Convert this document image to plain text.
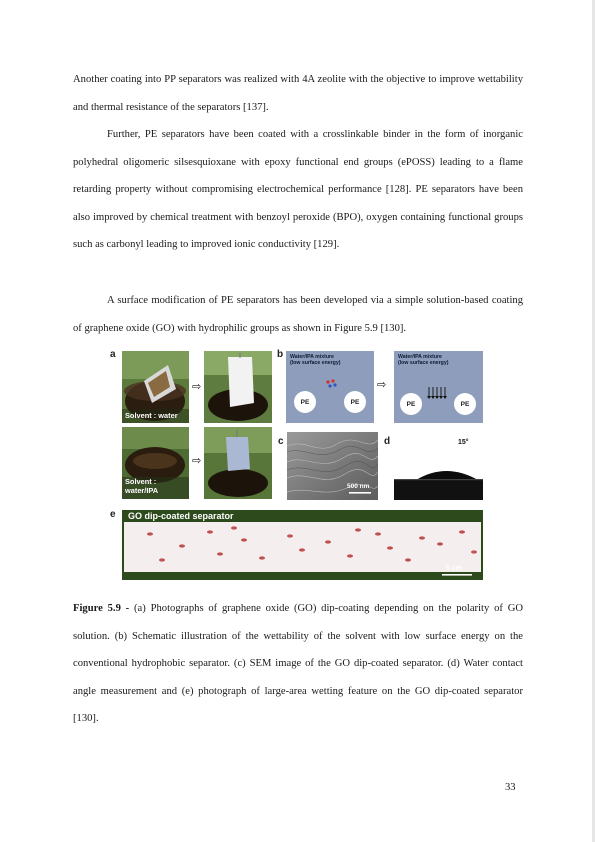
Another coating into PP separators was realized with 4A zeolite with the objective to improve wettability and thermal resistance of the separators [137].

Further, PE separators have been coated with a crosslinkable binder in the form of inorganic polyhedral oligomeric silsesquioxane with epoxy functional end groups (ePOSS) leading to a flame retarding property without compromising electrochemical performance [128]. PE separators have been also improved by chemical treatment with benzoyl peroxide (BPO), oxygen containing functional groups such as carbonyl leading to improved ionic conductivity [129].

A surface modification of PE separators has been developed via a simple solution-based coating of graphene oxide (GO) with hydrophilic groups as shown in Figure 5.9 [130].

a
Solvent : water
⇨
Solvent :
water/IPA
⇨
b Water/IPA mixture
(low surface energy)
PE	PE
⇨
Water/IPA mixture
(low surface energy)
PE	PE
c
500 nm
d	15°
e GO dip-coated separator
5 cm

Figure 5.9 - (a) Photographs of graphene oxide (GO) dip-coating depending on the polarity of GO solution. (b) Schematic illustration of the wettability of the solvent with low surface energy on the conventional hydrophobic separator. (c) SEM image of the GO dip-coated separator. (d) Water contact angle measurement and (e) photograph of large-area wetting feature on the GO dip-coated separator [130].

33
